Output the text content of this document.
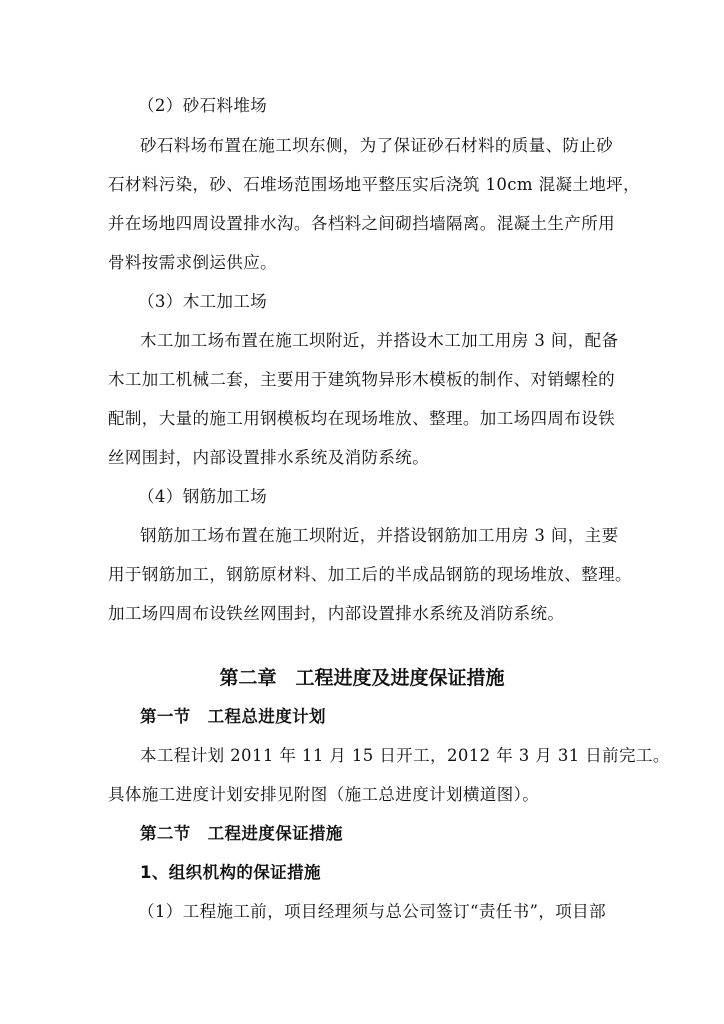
（2）砂石料堆场
砂石料场布置在施工坝东侧，为了保证砂石材料的质量、防止砂
石材料污染，砂、石堆场范围场地平整压实后浇筑 10cm 混凝土地坪，
并在场地四周设置排水沟。各档料之间砌挡墙隔离。混凝土生产所用
骨料按需求倒运供应。
（3）木工加工场
木工加工场布置在施工坝附近，并搭设木工加工用房 3 间，配备
木工加工机械二套，主要用于建筑物异形木模板的制作、对销螺栓的
配制，大量的施工用钢模板均在现场堆放、整理。加工场四周布设铁
丝网围封，内部设置排水系统及消防系统。
（4）钢筋加工场
钢筋加工场布置在施工坝附近，并搭设钢筋加工用房 3 间，主要
用于钢筋加工，钢筋原材料、加工后的半成品钢筋的现场堆放、整理。
加工场四周布设铁丝网围封，内部设置排水系统及消防系统。
第二章　工程进度及进度保证措施
第一节　工程总进度计划
本工程计划 2011 年 11 月 15 日开工，2012 年 3 月 31 日前完工。
具体施工进度计划安排见附图（施工总进度计划横道图）。
第二节　工程进度保证措施
1、组织机构的保证措施
（1）工程施工前，项目经理须与总公司签订“责任书”，项目部
